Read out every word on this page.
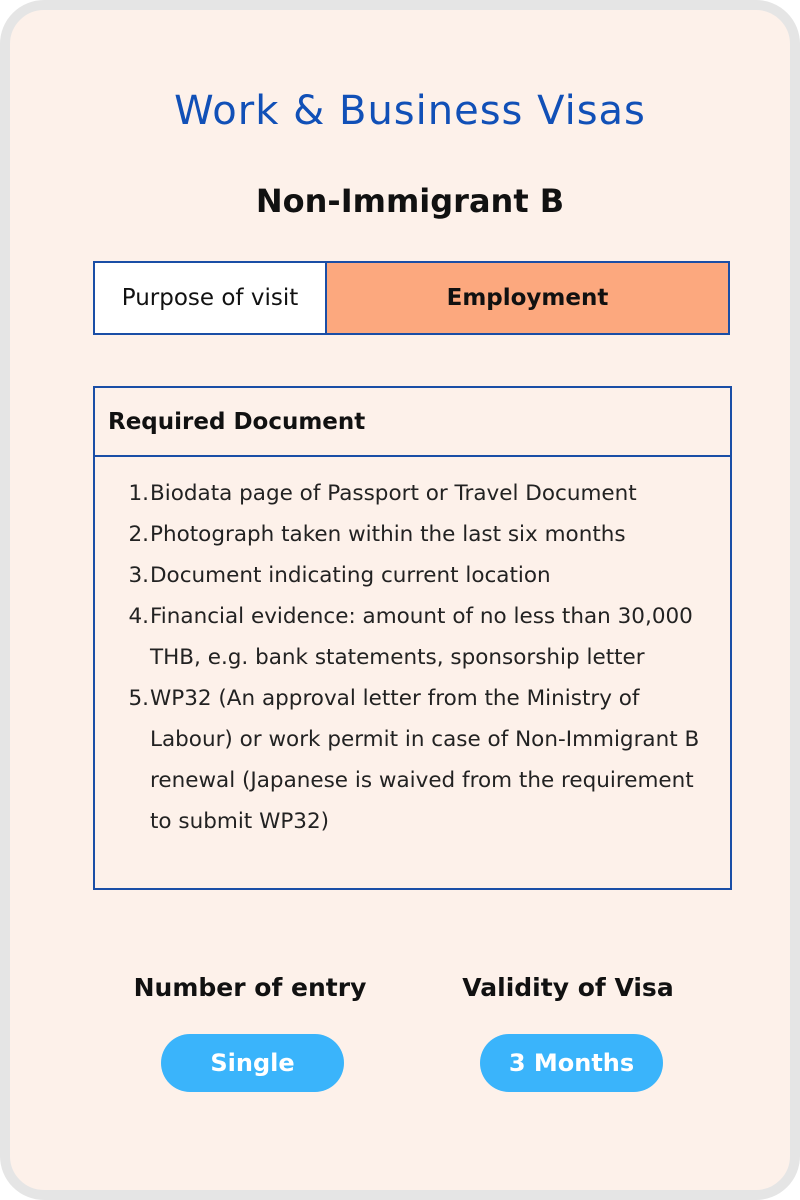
Work & Business Visas
Non-Immigrant B
Purpose of visit	Employment
Required Document
1. Biodata page of Passport or Travel Document
2. Photograph taken within the last six months
3. Document indicating current location
4. Financial evidence: amount of no less than 30,000 THB, e.g. bank statements, sponsorship letter
5. WP32 (An approval letter from the Ministry of Labour) or work permit in case of Non-Immigrant B renewal (Japanese is waived from the requirement to submit WP32)
Number of entry
Single
Validity of Visa
3 Months
